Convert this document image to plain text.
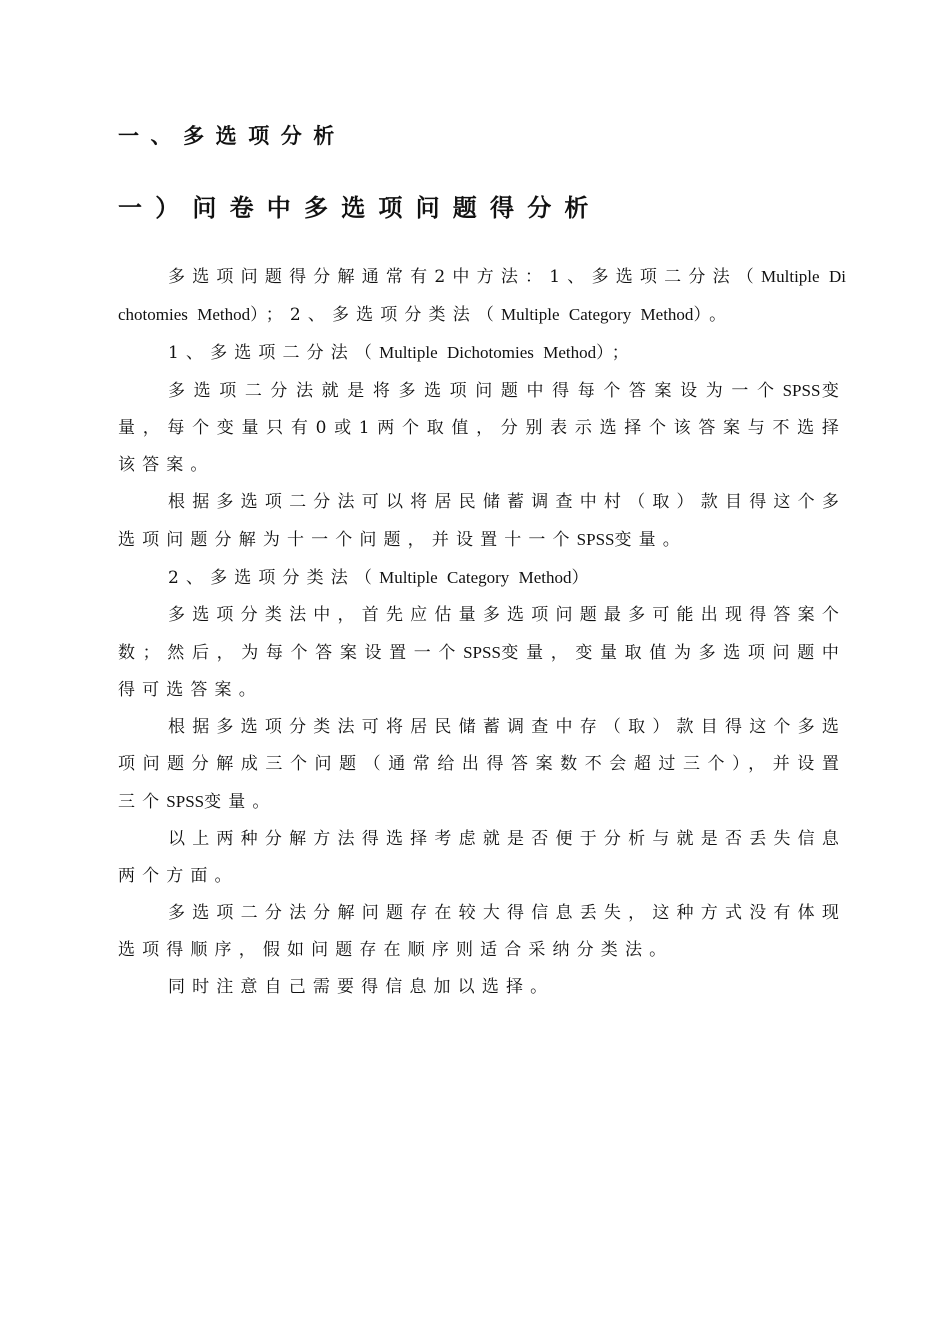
一、多选项分析
一）问卷中多选项问题得分析

多选项问题得分解通常有2中方法：1、多选项二分法（Multiple Dichotomies Method）；2、多选项分类法（Multiple Category Method）。

1、多选项二分法（Multiple Dichotomies Method）；

多选项二分法就是将多选项问题中得每个答案设为一个SPSS变量，每个变量只有0或1两个取值，分别表示选择个该答案与不选择该答案。

根据多选项二分法可以将居民储蓄调查中村（取）款目得这个多选项问题分解为十一个问题，并设置十一个SPSS变量。

2、多选项分类法（Multiple Category Method）

多选项分类法中，首先应估量多选项问题最多可能出现得答案个数；然后，为每个答案设置一个SPSS变量，变量取值为多选项问题中得可选答案。

根据多选项分类法可将居民储蓄调查中存（取）款目得这个多选项问题分解成三个问题（通常给出得答案数不会超过三个），并设置三个SPSS变量。

以上两种分解方法得选择考虑就是否便于分析与就是否丢失信息两个方面。

多选项二分法分解问题存在较大得信息丢失，这种方式没有体现选项得顺序，假如问题存在顺序则适合采纳分类法。

同时注意自己需要得信息加以选择。
